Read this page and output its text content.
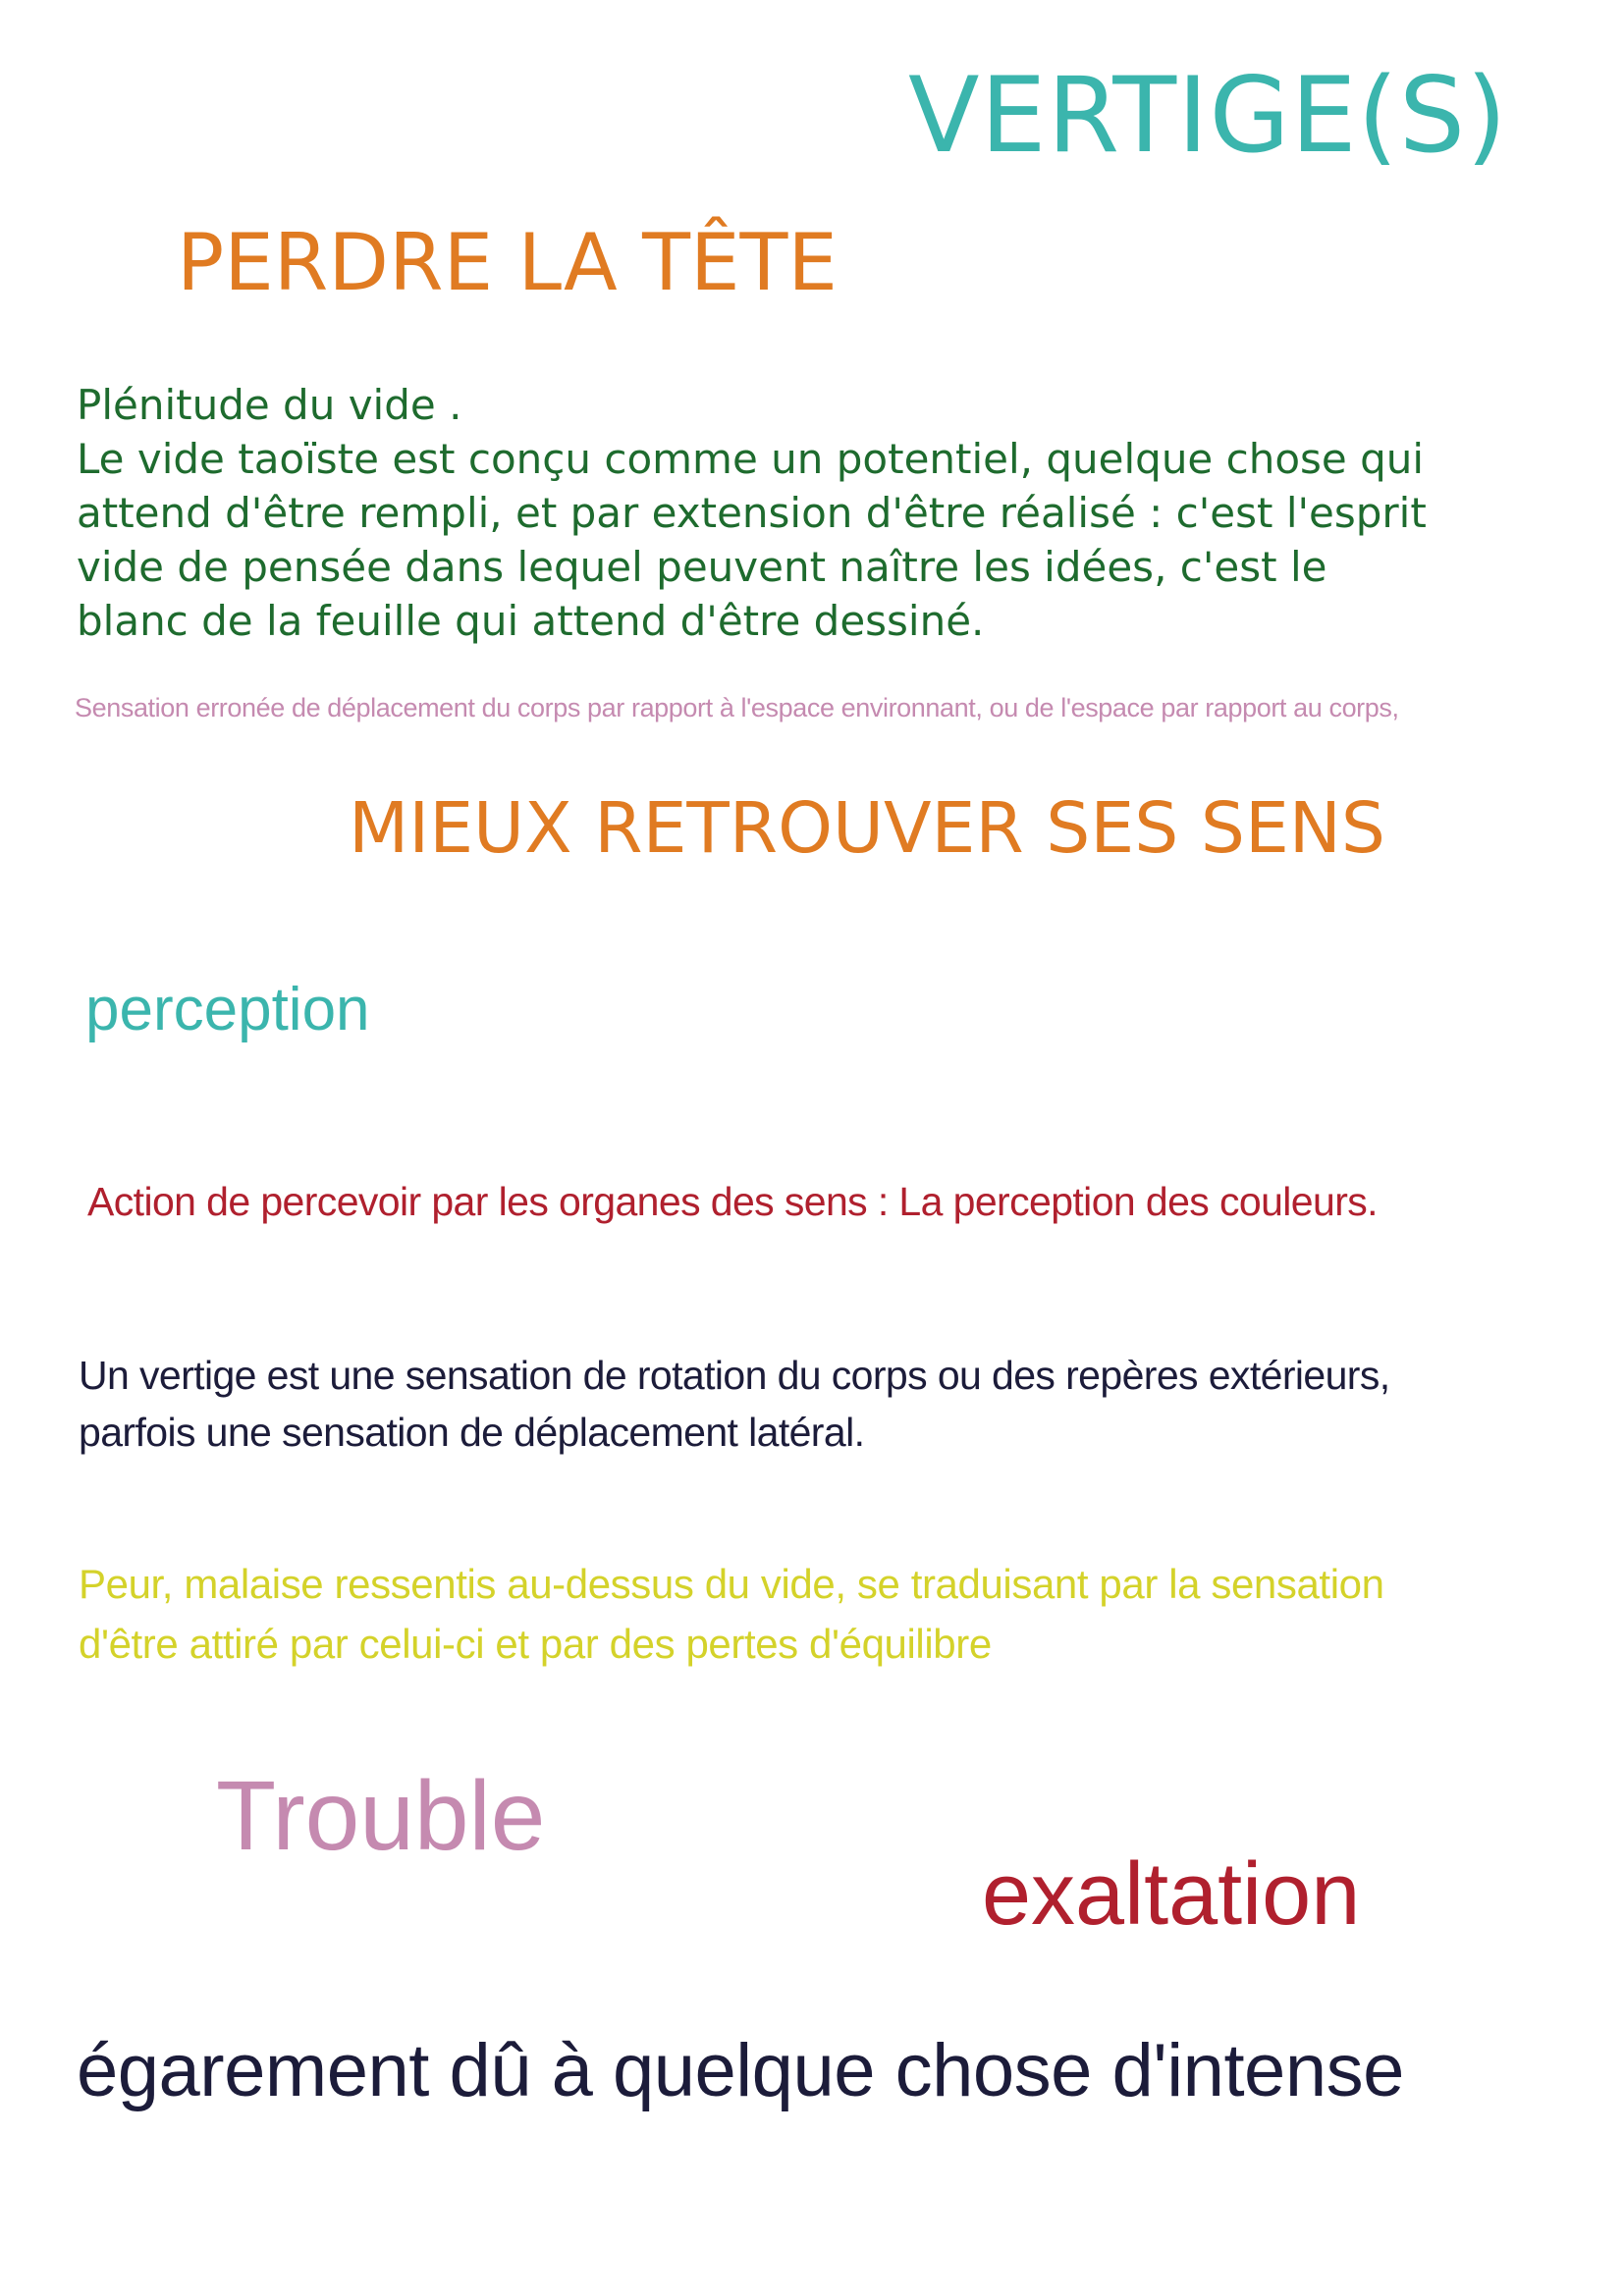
VERTIGE(S)
PERDRE LA TÊTE
Plénitude du vide .
Le vide taoïste est conçu comme un potentiel, quelque chose qui
attend d'être rempli, et par extension d'être réalisé : c'est l'esprit
vide de pensée dans lequel peuvent naître les idées, c'est le
blanc de la feuille qui attend d'être dessiné.
Sensation erronée de déplacement du corps par rapport à l'espace environnant, ou de l'espace par rapport au corps,
MIEUX RETROUVER SES SENS
perception
Action de percevoir par les organes des sens : La perception des couleurs.
Un vertige est une sensation de rotation du corps ou des repères extérieurs,
parfois une sensation de déplacement latéral.
Peur, malaise ressentis au-dessus du vide, se traduisant par la sensation
d'être attiré par celui-ci et par des pertes d'équilibre
Trouble
exaltation
égarement dû à quelque chose d'intense
